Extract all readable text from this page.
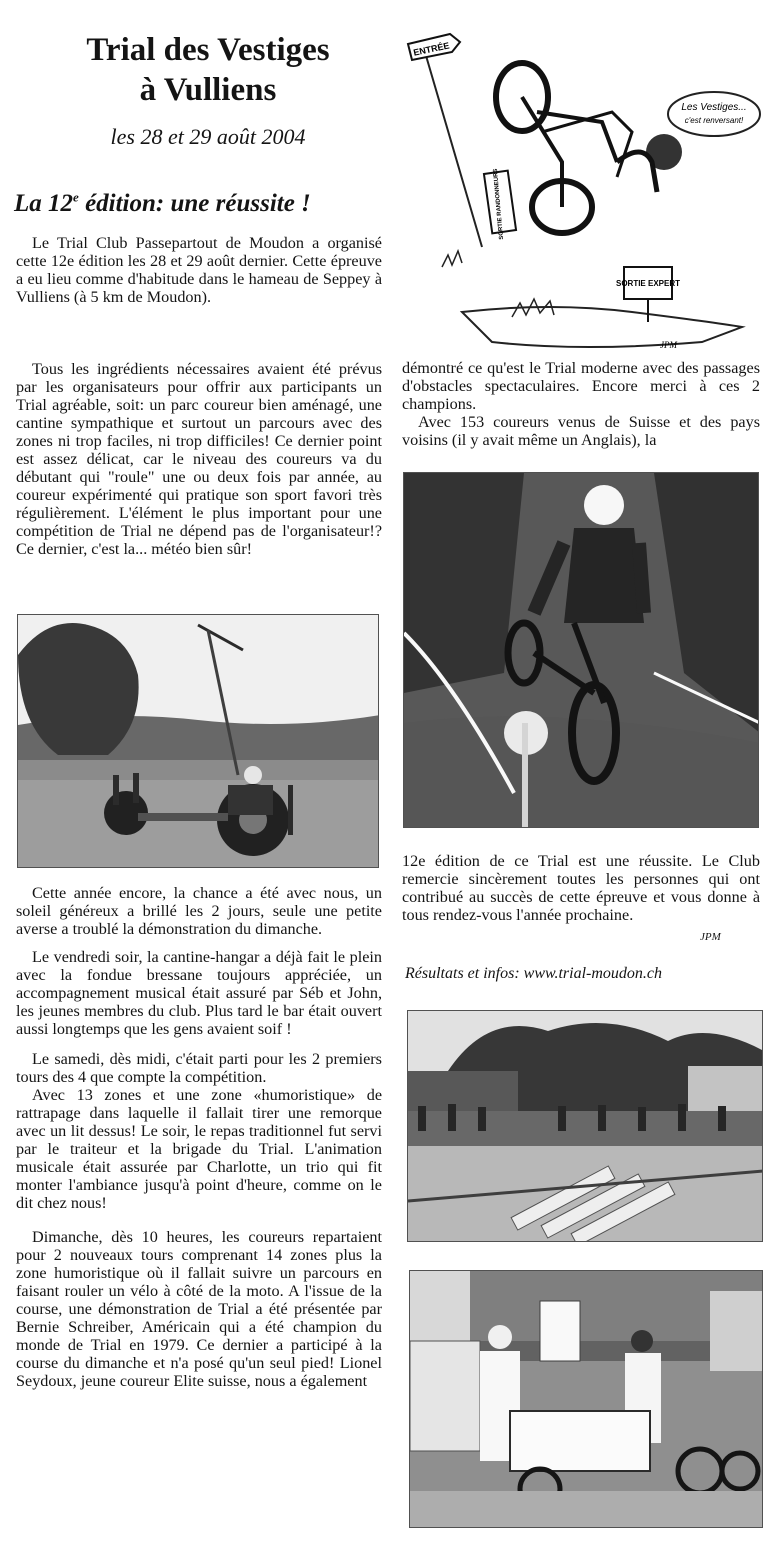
Trial des Vestiges
à Vulliens
les 28 et 29 août 2004
La 12e édition: une réussite !

Le Trial Club Passepartout de Moudon a organisé cette 12e édition les 28 et 29 août dernier. Cette épreuve a eu lieu comme d'habitude dans le hameau de Seppey à Vulliens (à 5 km de Moudon).

Tous les ingrédients nécessaires avaient été prévus par les organisateurs pour offrir aux participants un Trial agréable, soit: un parc coureur bien aménagé, une cantine sympathique et surtout un parcours avec des zones ni trop faciles, ni trop difficiles! Ce dernier point est assez délicat, car le niveau des coureurs va du débutant qui "roule" une ou deux fois par année, au coureur expérimenté qui pratique son sport favori très régulièrement. L'élément le plus important pour une compétition de Trial ne dépend pas de l'organisateur!? Ce dernier, c'est la... météo bien sûr!

Cette année encore, la chance a été avec nous, un soleil généreux a brillé les 2 jours, seule une petite averse a troublé la démonstration du dimanche.

Le vendredi soir, la cantine-hangar a déjà fait le plein avec la fondue bressane toujours appréciée, un accompagnement musical était assuré par Séb et John, les jeunes membres du club. Plus tard le bar était ouvert aussi longtemps que les gens avaient soif !

Le samedi, dès midi, c'était parti pour les 2 premiers tours des 4 que compte la compétition.

Avec 13 zones et une zone «humoristique» de rattrapage dans laquelle il fallait tirer une remorque avec un lit dessus! Le soir, le repas traditionnel fut servi par le traiteur et la brigade du Trial. L'animation musicale était assurée par Charlotte, un trio qui fit monter l'ambiance jusqu'à point d'heure, comme on le dit chez nous!

Dimanche, dès 10 heures, les coureurs repartaient pour 2 nouveaux tours comprenant 14 zones plus la zone humoristique où il fallait suivre un parcours en faisant rouler un vélo à côté de la moto. A l'issue de la course, une démonstration de Trial a été présentée par Bernie Schreiber, Américain qui a été champion du monde de Trial en 1979. Ce dernier a participé à la course du dimanche et n'a posé qu'un seul pied! Lionel Seydoux, jeune coureur Elite suisse, nous a également

Les Vestiges...
c'est renversant!
ENTRÉE
SORTIE RANDONNEURS
SORTIE EXPERT
JPM

démontré ce qu'est le Trial moderne avec des passages d'obstacles spectaculaires. Encore merci à ces 2 champions.

Avec 153 coureurs venus de Suisse et des pays voisins (il y avait même un Anglais), la

12e édition de ce Trial est une réussite. Le Club remercie sincèrement toutes les personnes qui ont contribué au succès de cette épreuve et vous donne à tous rendez-vous l'année prochaine.

JPM
Résultats et infos: www.trial-moudon.ch
